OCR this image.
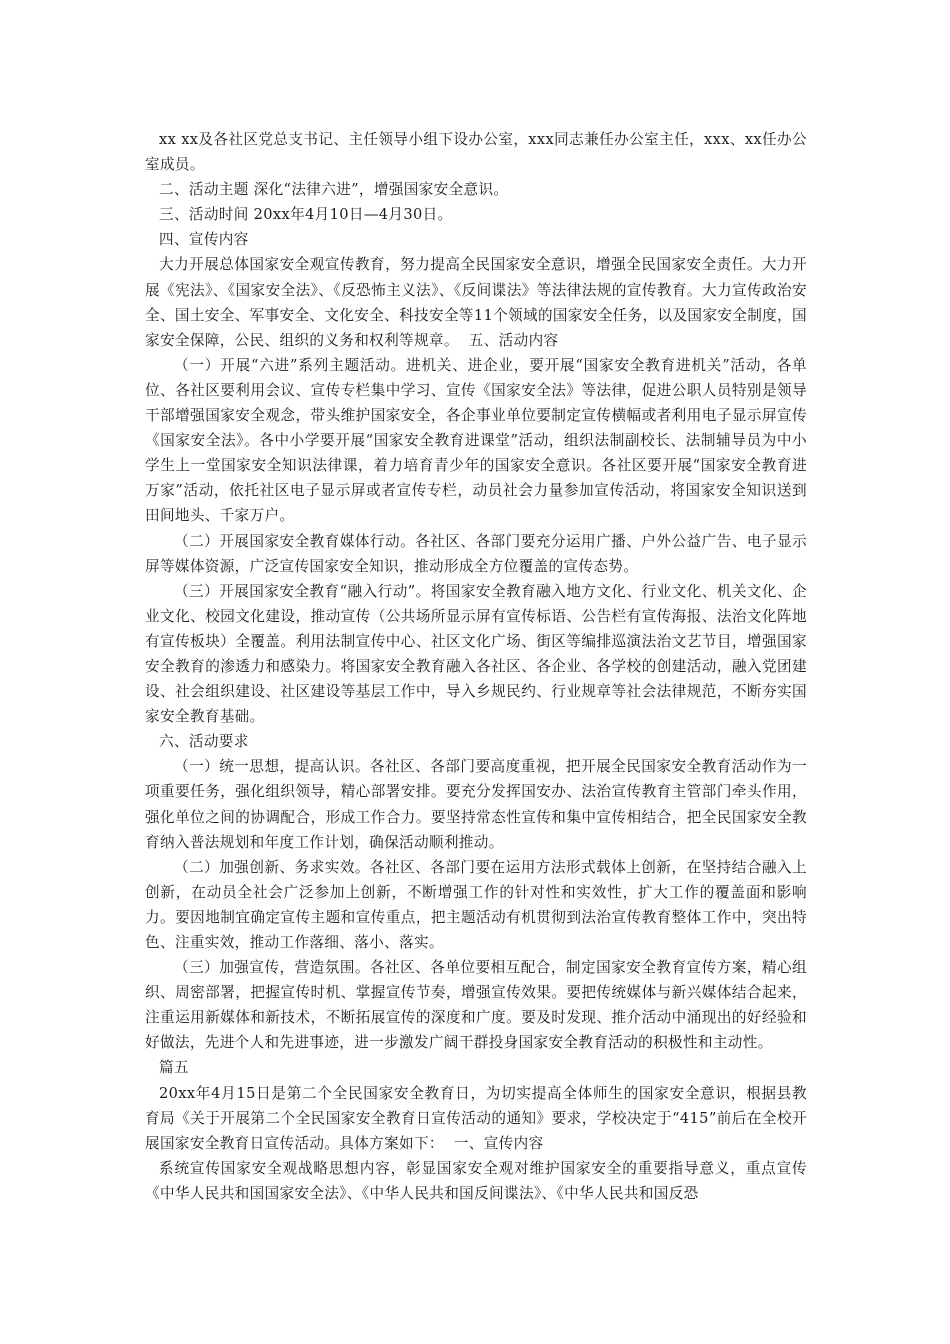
xx xx及各社区党总支书记、主任领导小组下设办公室，xxx同志兼任办公室主任，xxx、xx任办公室成员。

二、活动主题 深化“法律六进”，增强国家安全意识。

三、活动时间 20xx年4月10日—4月30日。

四、宣传内容

大力开展总体国家安全观宣传教育，努力提高全民国家安全意识，增强全民国家安全责任。大力开展《宪法》、《国家安全法》、《反恐怖主义法》、《反间谍法》等法律法规的宣传教育。大力宣传政治安全、国土安全、军事安全、文化安全、科技安全等11个领域的国家安全任务，以及国家安全制度，国家安全保障，公民、组织的义务和权利等规章。  五、活动内容

（一）开展“六进”系列主题活动。进机关、进企业，要开展“国家安全教育进机关”活动，各单位、各社区要利用会议、宣传专栏集中学习、宣传《国家安全法》等法律，促进公职人员特别是领导干部增强国家安全观念，带头维护国家安全，各企事业单位要制定宣传横幅或者利用电子显示屏宣传《国家安全法》。各中小学要开展“国家安全教育进课堂”活动，组织法制副校长、法制辅导员为中小学生上一堂国家安全知识法律课，着力培育青少年的国家安全意识。各社区要开展“国家安全教育进万家”活动，依托社区电子显示屏或者宣传专栏，动员社会力量参加宣传活动，将国家安全知识送到田间地头、千家万户。

（二）开展国家安全教育媒体行动。各社区、各部门要充分运用广播、户外公益广告、电子显示屏等媒体资源，广泛宣传国家安全知识，推动形成全方位覆盖的宣传态势。

（三）开展国家安全教育“融入行动”。将国家安全教育融入地方文化、行业文化、机关文化、企业文化、校园文化建设，推动宣传（公共场所显示屏有宣传标语、公告栏有宣传海报、法治文化阵地有宣传板块）全覆盖。利用法制宣传中心、社区文化广场、街区等编排巡演法治文艺节目，增强国家安全教育的渗透力和感染力。将国家安全教育融入各社区、各企业、各学校的创建活动，融入党团建设、社会组织建设、社区建设等基层工作中，导入乡规民约、行业规章等社会法律规范，不断夯实国家安全教育基础。

六、活动要求

（一）统一思想，提高认识。各社区、各部门要高度重视，把开展全民国家安全教育活动作为一项重要任务，强化组织领导，精心部署安排。要充分发挥国安办、法治宣传教育主管部门牵头作用，强化单位之间的协调配合，形成工作合力。要坚持常态性宣传和集中宣传相结合，把全民国家安全教育纳入普法规划和年度工作计划，确保活动顺利推动。

（二）加强创新、务求实效。各社区、各部门要在运用方法形式载体上创新，在坚持结合融入上创新，在动员全社会广泛参加上创新，不断增强工作的针对性和实效性，扩大工作的覆盖面和影响力。要因地制宜确定宣传主题和宣传重点，把主题活动有机贯彻到法治宣传教育整体工作中，突出特色、注重实效，推动工作落细、落小、落实。

（三）加强宣传，营造氛围。各社区、各单位要相互配合，制定国家安全教育宣传方案，精心组织、周密部署，把握宣传时机、掌握宣传节奏，增强宣传效果。要把传统媒体与新兴媒体结合起来，注重运用新媒体和新技术，不断拓展宣传的深度和广度。要及时发现、推介活动中涌现出的好经验和好做法，先进个人和先进事迹，进一步激发广阔干群投身国家安全教育活动的积极性和主动性。

篇五

20xx年4月15日是第二个全民国家安全教育日，为切实提高全体师生的国家安全意识，根据县教育局《关于开展第二个全民国家安全教育日宣传活动的通知》要求，学校决定于“415”前后在全校开展国家安全教育日宣传活动。具体方案如下：  一、宣传内容

系统宣传国家安全观战略思想内容，彰显国家安全观对维护国家安全的重要指导意义，重点宣传《中华人民共和国国家安全法》、《中华人民共和国反间谍法》、《中华人民共和国反恐
